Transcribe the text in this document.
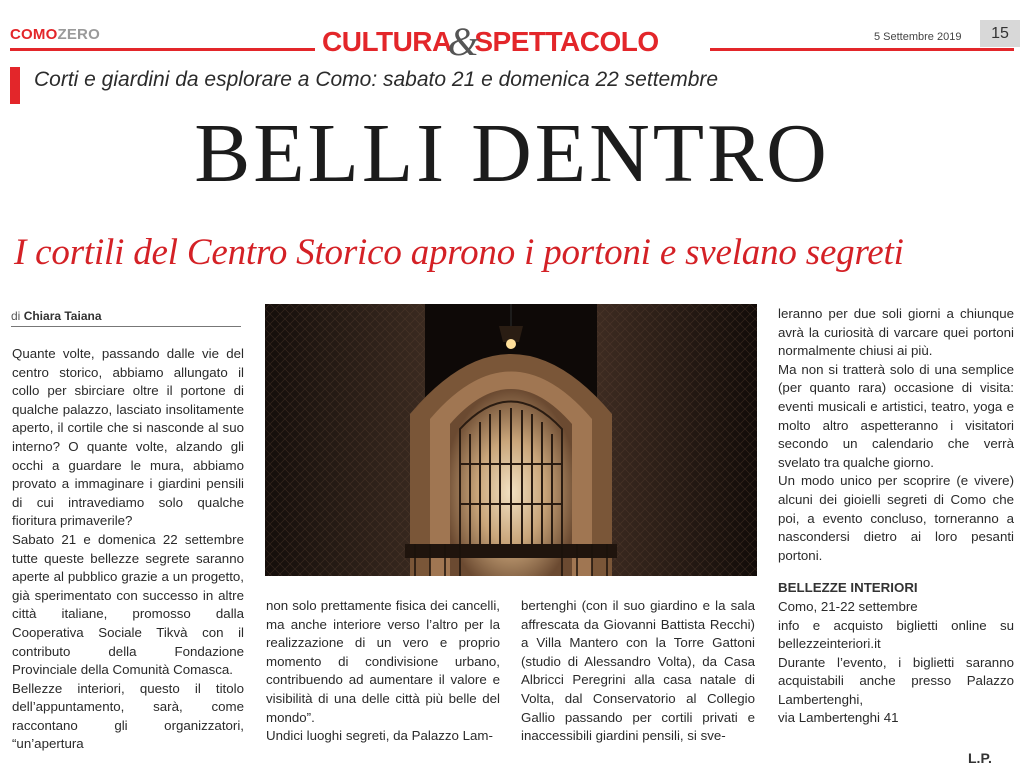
COMOZERO	CULTURA&SPETTACOLO	5 Settembre 2019	15
Corti e giardini da esplorare a Como: sabato 21 e domenica 22 settembre
BELLI DENTRO
I cortili del Centro Storico aprono i portoni e svelano segreti
di Chiara Taiana

Quante volte, passando dalle vie del centro storico, abbiamo allungato il collo per sbirciare oltre il portone di qualche palazzo, lasciato insolitamente aperto, il cortile che si nasconde al suo interno? O quante volte, alzando gli occhi a guardare le mura, abbiamo provato a immaginare i giardini pensili di cui intravediamo solo qualche fioritura primaverile?

Sabato 21 e domenica 22 settembre tutte queste bellezze segrete saranno aperte al pubblico grazie a un progetto, già sperimentato con successo in altre città italiane, promosso dalla Cooperativa Sociale Tikvà con il contributo della Fondazione Provinciale della Comunità Comasca.

Bellezze interiori, questo il titolo dell’appuntamento, sarà, come raccontano gli organizzatori, “un’apertura

non solo prettamente fisica dei cancelli, ma anche interiore verso l’altro per la realizzazione di un vero e proprio momento di condivisione urbano, contribuendo ad aumentare il valore e visibilità di una delle città più belle del mondo”.

Undici luoghi segreti, da Palazzo Lam-

bertenghi (con il suo giardino e la sala affrescata da Giovanni Battista Recchi) a Villa Mantero con la Torre Gattoni (studio di Alessandro Volta), da Casa Albricci Peregrini alla casa natale di Volta, dal Conservatorio al Collegio Gallio passando per cortili privati e inaccessibili giardini pensili, si sve-

leranno per due soli giorni a chiunque avrà la curiosità di varcare quei portoni normalmente chiusi ai più.

Ma non si tratterà solo di una semplice (per quanto rara) occasione di visita: eventi musicali e artistici, teatro, yoga e molto altro aspetteranno i visitatori secondo un calendario che verrà svelato tra qualche giorno.

Un modo unico per scoprire (e vivere) alcuni dei gioielli segreti di Como che poi, a evento concluso, torneranno a nascondersi dietro ai loro pesanti portoni.

BELLEZZE INTERIORI

Como, 21-22 settembre

info e acquisto biglietti online su bellezzeinteriori.it

Durante l’evento, i biglietti saranno acquistabili anche presso Palazzo Lambertenghi,

via Lambertenghi 41

L.P.
